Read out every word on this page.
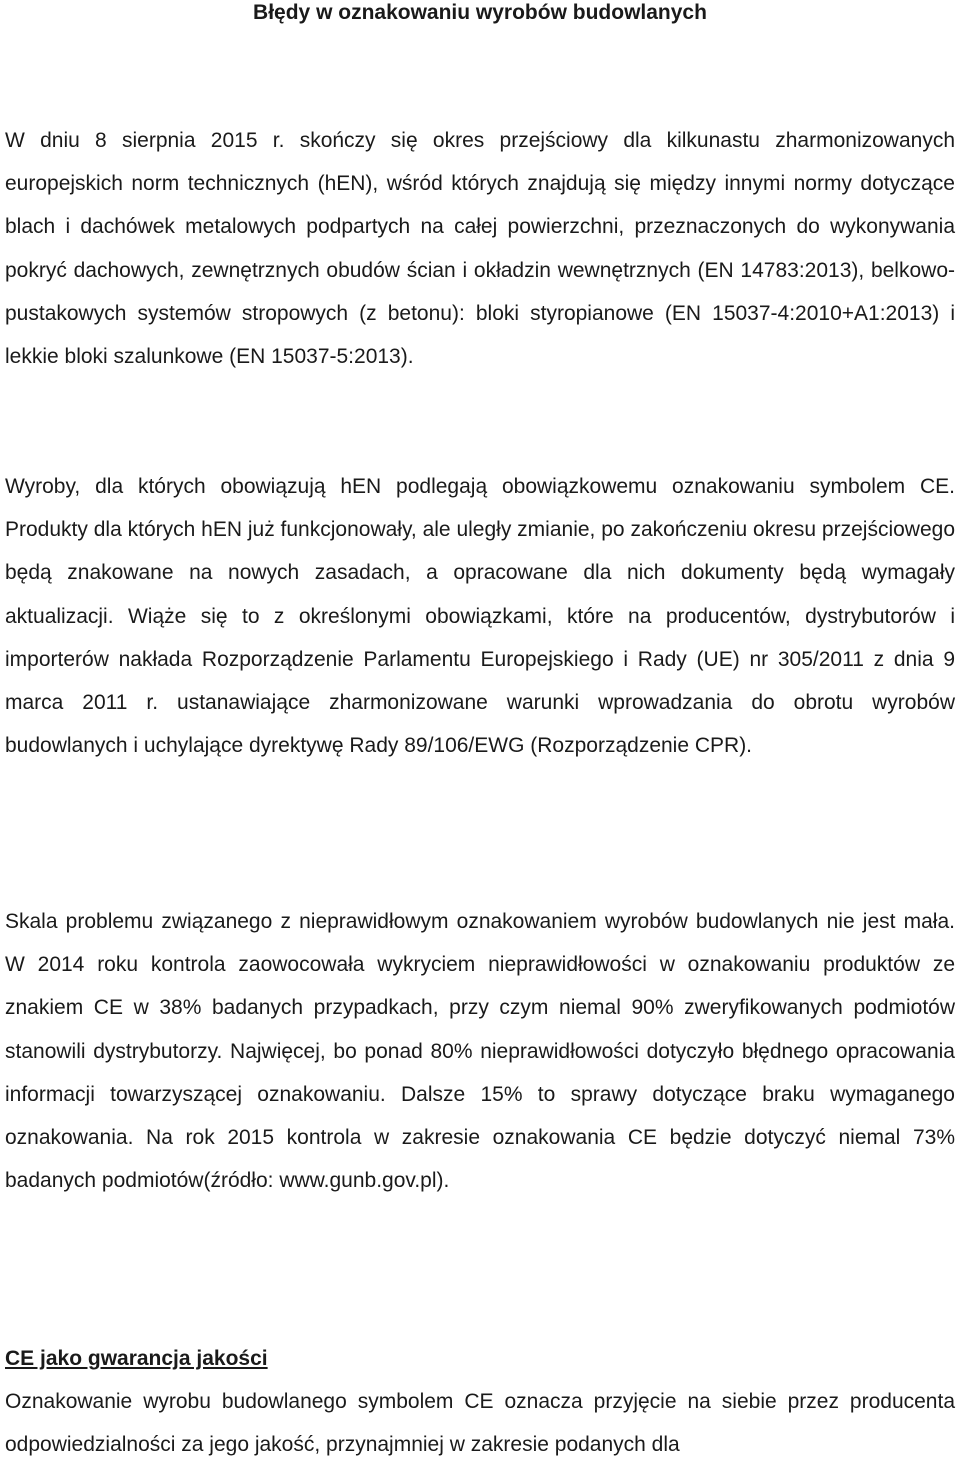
Błędy w oznakowaniu wyrobów budowlanych

W dniu 8 sierpnia 2015 r. skończy się okres przejściowy dla kilkunastu zharmonizowanych europejskich norm technicznych (hEN), wśród których znajdują się między innymi normy dotyczące blach i dachówek metalowych podpartych na całej powierzchni, przeznaczonych do wykonywania pokryć dachowych, zewnętrznych obudów ścian i okładzin wewnętrznych (EN 14783:2013), belkowo-pustakowych systemów stropowych (z betonu): bloki styropianowe (EN 15037-4:2010+A1:2013) i lekkie bloki szalunkowe (EN 15037-5:2013).

Wyroby, dla których obowiązują hEN podlegają obowiązkowemu oznakowaniu symbolem CE. Produkty dla których hEN już funkcjonowały, ale uległy zmianie, po zakończeniu okresu przejściowego będą znakowane na nowych zasadach, a opracowane dla nich dokumenty będą wymagały aktualizacji. Wiąże się to z określonymi obowiązkami, które na producentów, dystrybutorów i importerów nakłada Rozporządzenie Parlamentu Europejskiego i Rady (UE) nr 305/2011 z dnia 9 marca 2011 r. ustanawiające zharmonizowane warunki wprowadzania do obrotu wyrobów budowlanych i uchylające dyrektywę Rady 89/106/EWG (Rozporządzenie CPR).

Skala problemu związanego z nieprawidłowym oznakowaniem wyrobów budowlanych nie jest mała. W 2014 roku kontrola zaowocowała wykryciem nieprawidłowości w oznakowaniu produktów ze znakiem CE w 38% badanych przypadkach, przy czym niemal 90% zweryfikowanych podmiotów stanowili dystrybutorzy. Najwięcej, bo ponad 80% nieprawidłowości dotyczyło błędnego opracowania informacji towarzyszącej oznakowaniu. Dalsze 15% to sprawy dotyczące braku wymaganego oznakowania. Na rok 2015 kontrola w zakresie oznakowania CE będzie dotyczyć niemal 73% badanych podmiotów(źródło: www.gunb.gov.pl).

CE jako gwarancja jakości

Oznakowanie wyrobu budowlanego symbolem CE oznacza przyjęcie na siebie przez producenta odpowiedzialności za jego jakość, przynajmniej w zakresie podanych dla
